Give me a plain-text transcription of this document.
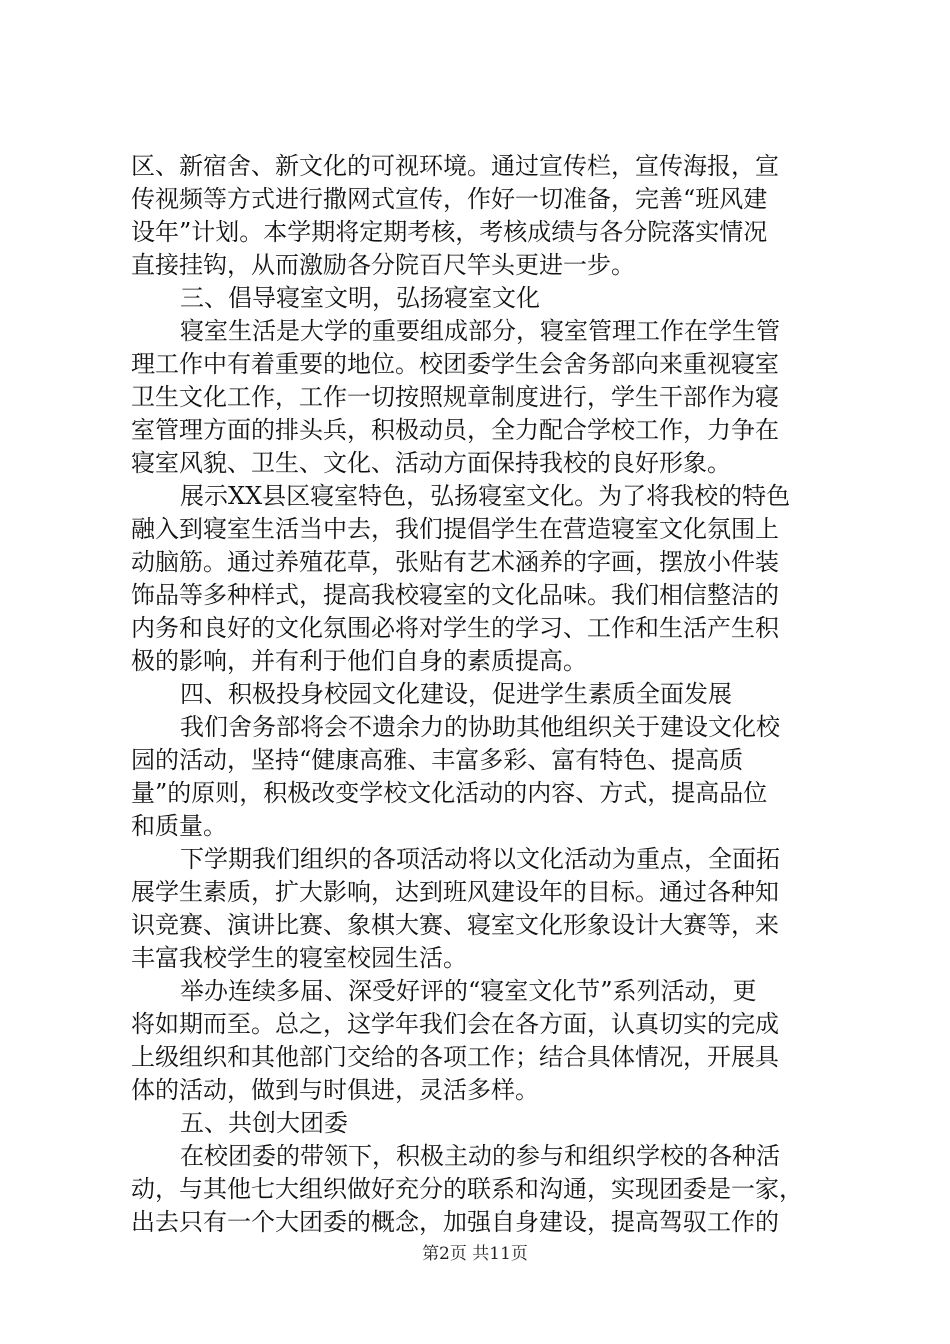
区、新宿舍、新文化的可视环境。通过宣传栏，宣传海报，宣
传视频等方式进行撒网式宣传，作好一切准备，完善“班风建
设年”计划。本学期将定期考核，考核成绩与各分院落实情况
直接挂钩，从而激励各分院百尺竿头更进一步。
三、倡导寝室文明，弘扬寝室文化
寝室生活是大学的重要组成部分，寝室管理工作在学生管
理工作中有着重要的地位。校团委学生会舍务部向来重视寝室
卫生文化工作，工作一切按照规章制度进行，学生干部作为寝
室管理方面的排头兵，积极动员，全力配合学校工作，力争在
寝室风貌、卫生、文化、活动方面保持我校的良好形象。
展示XX县区寝室特色，弘扬寝室文化。为了将我校的特色
融入到寝室生活当中去，我们提倡学生在营造寝室文化氛围上
动脑筋。通过养殖花草，张贴有艺术涵养的字画，摆放小件装
饰品等多种样式，提高我校寝室的文化品味。我们相信整洁的
内务和良好的文化氛围必将对学生的学习、工作和生活产生积
极的影响，并有利于他们自身的素质提高。
四、积极投身校园文化建设，促进学生素质全面发展
我们舍务部将会不遗余力的协助其他组织关于建设文化校
园的活动，坚持“健康高雅、丰富多彩、富有特色、提高质
量”的原则，积极改变学校文化活动的内容、方式，提高品位
和质量。
下学期我们组织的各项活动将以文化活动为重点，全面拓
展学生素质，扩大影响，达到班风建设年的目标。通过各种知
识竞赛、演讲比赛、象棋大赛、寝室文化形象设计大赛等，来
丰富我校学生的寝室校园生活。
举办连续多届、深受好评的“寝室文化节”系列活动，更
将如期而至。总之，这学年我们会在各方面，认真切实的完成
上级组织和其他部门交给的各项工作；结合具体情况，开展具
体的活动，做到与时俱进，灵活多样。
五、共创大团委
在校团委的带领下，积极主动的参与和组织学校的各种活
动，与其他七大组织做好充分的联系和沟通，实现团委是一家，
出去只有一个大团委的概念，加强自身建设，提高驾驭工作的
第2页 共11页
